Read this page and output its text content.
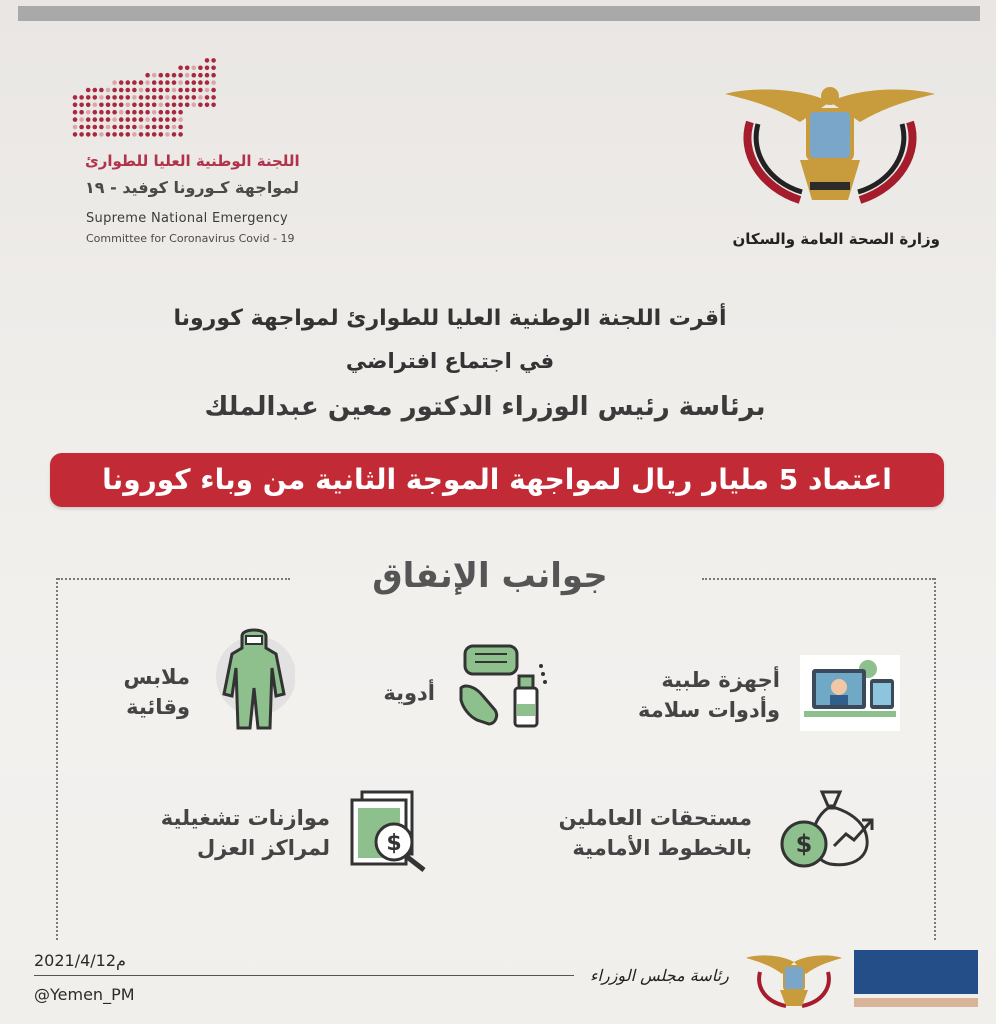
اللجنة الوطنية العليا للطوارئ
لمواجهة كـورونا كوفيد - ١٩
Supreme National Emergency
Committee for Coronavirus Covid - 19	وزارة الصحة العامة والسكان
أقرت اللجنة الوطنية العليا للطوارئ لمواجهة كورونا
في اجتماع افتراضي
برئاسة رئيس الوزراء الدكتور معين عبدالملك
اعتماد 5 مليار ريال لمواجهة الموجة الثانية من وباء كورونا
جوانب الإنفاق
أجهزة طبية
وأدوات سلامة
أدوية
ملابس
وقائية
$
مستحقات العاملين
بالخطوط الأمامية
$
موازنات تشغيلية
لمراكز العزل
2021/4/12م
@Yemen_PM
رئاسة مجلس الوزراء
